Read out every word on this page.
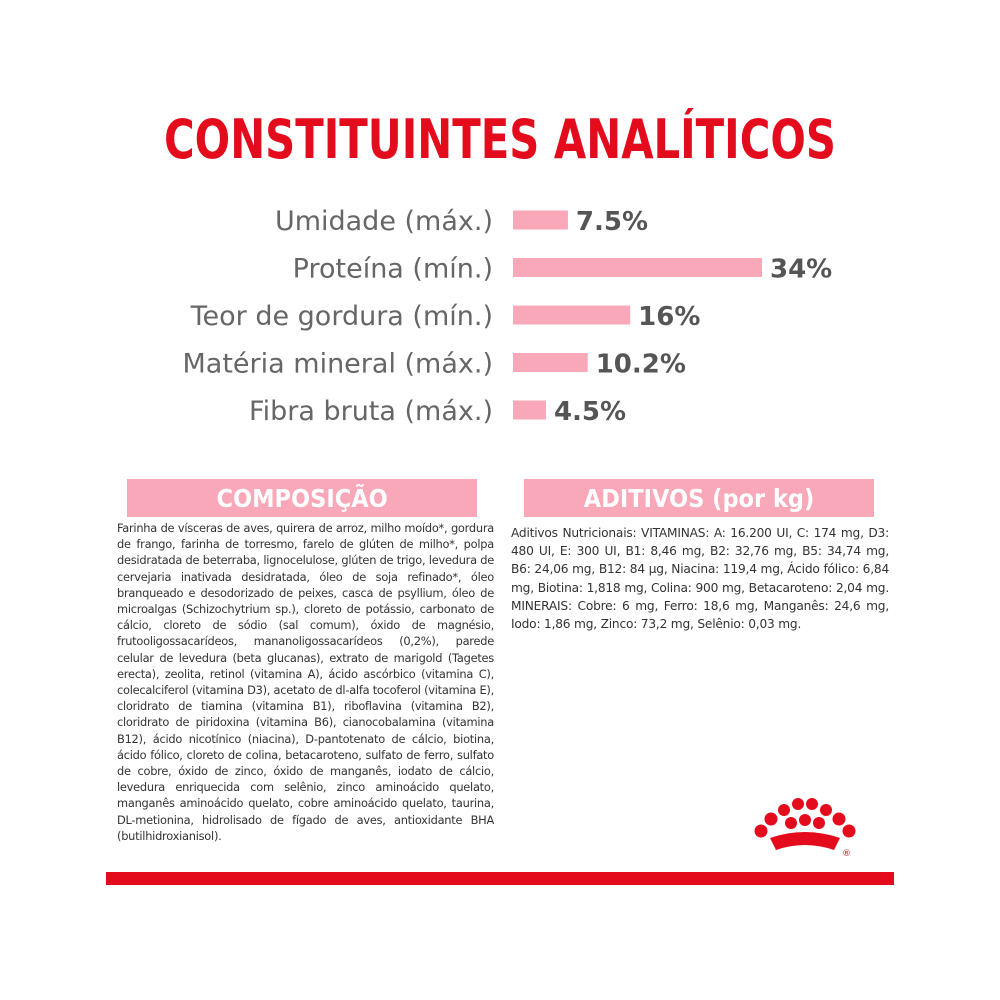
CONSTITUINTES ANALÍTICOS
Umidade (máx.)	7.5%
Proteína (mín.)	34%
Teor de gordura (mín.)	16%
Matéria mineral (máx.)	10.2%
Fibra bruta (máx.) 4.5%
COMPOSIÇÃO	ADITIVOS (por kg)

Farinha de vísceras de aves, quirera de arroz, milho moído*, gordura de frango, farinha de torresmo, farelo de glúten de milho*, polpa desidratada de beterraba, lignocelulose, glúten de trigo, levedura de cervejaria inativada desidratada, óleo de soja refinado*, óleo branqueado e desodorizado de peixes, casca de psyllium, óleo de microalgas (Schizochytrium sp.), cloreto de potássio, carbonato de cálcio, cloreto de sódio (sal comum), óxido de magnésio, frutooligossacarídeos, mananoligossacarídeos (0,2%), parede celular de levedura (beta glucanas), extrato de marigold (Tagetes erecta), zeolita, retinol (vitamina A), ácido ascórbico (vitamina C), colecalciferol (vitamina D3), acetato de dl-alfa tocoferol (vitamina E), cloridrato de tiamina (vitamina B1), riboflavina (vitamina B2), cloridrato de piridoxina (vitamina B6), cianocobalamina (vitamina B12), ácido nicotínico (niacina), D-pantotenato de cálcio, biotina, ácido fólico, cloreto de colina, betacaroteno, sulfato de ferro, sulfato de cobre, óxido de zinco, óxido de manganês, iodato de cálcio, levedura enriquecida com selênio, zinco aminoácido quelato, manganês aminoácido quelato, cobre aminoácido quelato, taurina, DL-metionina, hidrolisado de fígado de aves, antioxidante BHA (butilhidroxianisol).

Aditivos Nutricionais: VITAMINAS: A: 16.200 UI, C: 174 mg, D3: 480 UI, E: 300 UI, B1: 8,46 mg, B2: 32,76 mg, B5: 34,74 mg, B6: 24,06 mg, B12: 84 µg, Niacina: 119,4 mg, Ácido fólico: 6,84 mg, Biotina: 1,818 mg, Colina: 900 mg, Betacaroteno: 2,04 mg. MINERAIS: Cobre: 6 mg, Ferro: 18,6 mg, Manganês: 24,6 mg, Iodo: 1,86 mg, Zinco: 73,2 mg, Selênio: 0,03 mg.

®
